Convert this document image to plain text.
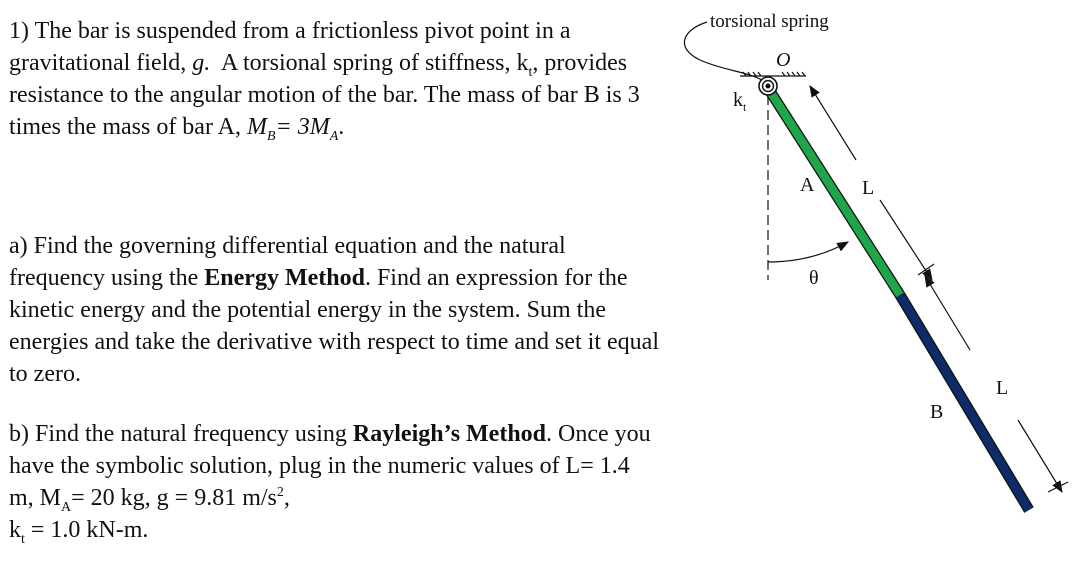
1) The bar is suspended from a frictionless pivot point in a gravitational field, g. A torsional spring of stiffness, $k_t$, provides resistance to the angular motion of the bar. The mass of bar B is 3 times the mass of bar A, $M_B= 3M_A$.

a) Find the governing differential equation and the natural frequency using the Energy Method. Find an expression for the kinetic energy and the potential energy in the system. Sum the energies and take the derivative with respect to time and set it equal to zero.

b) Find the natural frequency using Rayleigh’s Method. Once you have the symbolic solution, plug in the numeric values of L= 1.4 m, $M_A= 20$ kg, g = 9.81 $m/s^2$,
$k_t = 1.0$ kN-m.

torsional spring
O
$k_t$
A
B
θ
L
L
